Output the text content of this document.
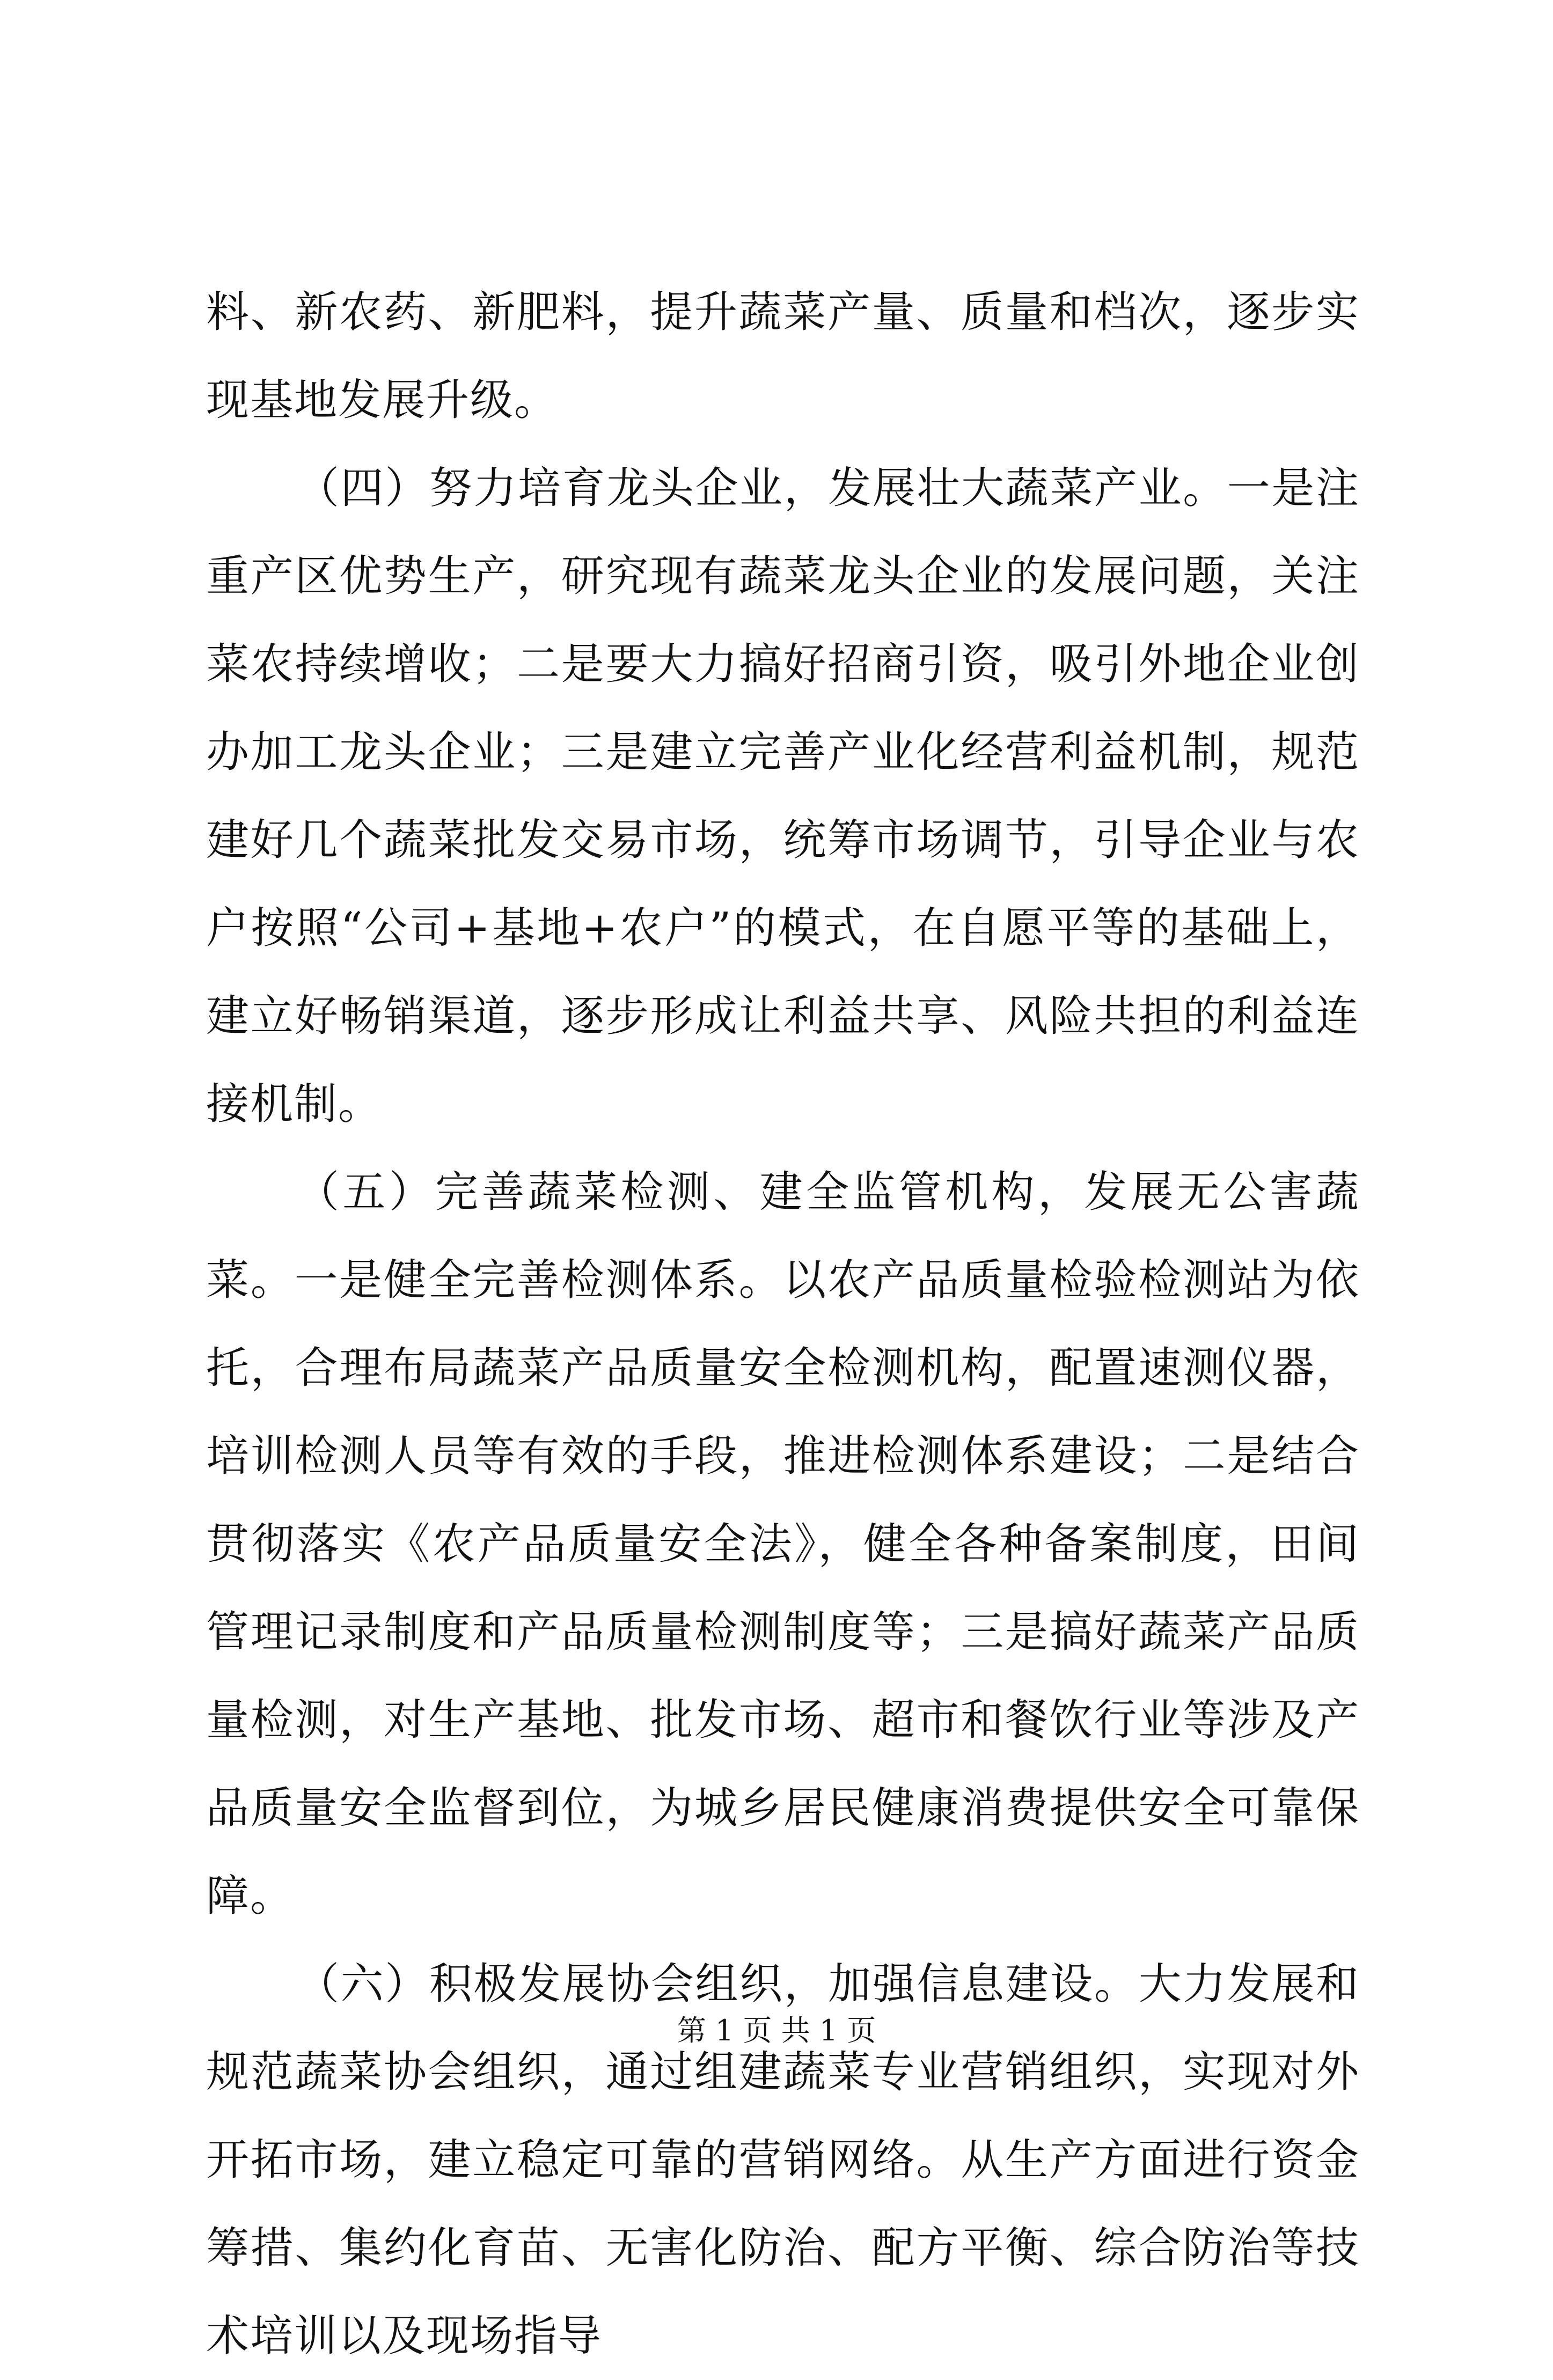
料、新农药、新肥料，提升蔬菜产量、质量和档次，逐步实现基地发展升级。

（四）努力培育龙头企业，发展壮大蔬菜产业。一是注重产区优势生产，研究现有蔬菜龙头企业的发展问题，关注菜农持续增收；二是要大力搞好招商引资，吸引外地企业创办加工龙头企业；三是建立完善产业化经营利益机制，规范建好几个蔬菜批发交易市场，统筹市场调节，引导企业与农户按照“公司+基地+农户”的模式，在自愿平等的基础上，建立好畅销渠道，逐步形成让利益共享、风险共担的利益连接机制。

（五）完善蔬菜检测、建全监管机构，发展无公害蔬菜。一是健全完善检测体系。以农产品质量检验检测站为依托，合理布局蔬菜产品质量安全检测机构，配置速测仪器，培训检测人员等有效的手段，推进检测体系建设；二是结合贯彻落实《农产品质量安全法》，健全各种备案制度，田间管理记录制度和产品质量检测制度等；三是搞好蔬菜产品质量检测，对生产基地、批发市场、超市和餐饮行业等涉及产品质量安全监督到位，为城乡居民健康消费提供安全可靠保障。

（六）积极发展协会组织，加强信息建设。大力发展和规范蔬菜协会组织，通过组建蔬菜专业营销组织，实现对外开拓市场，建立稳定可靠的营销网络。从生产方面进行资金筹措、集约化育苗、无害化防治、配方平衡、综合防治等技术培训以及现场指导

第 1 页 共 1 页
